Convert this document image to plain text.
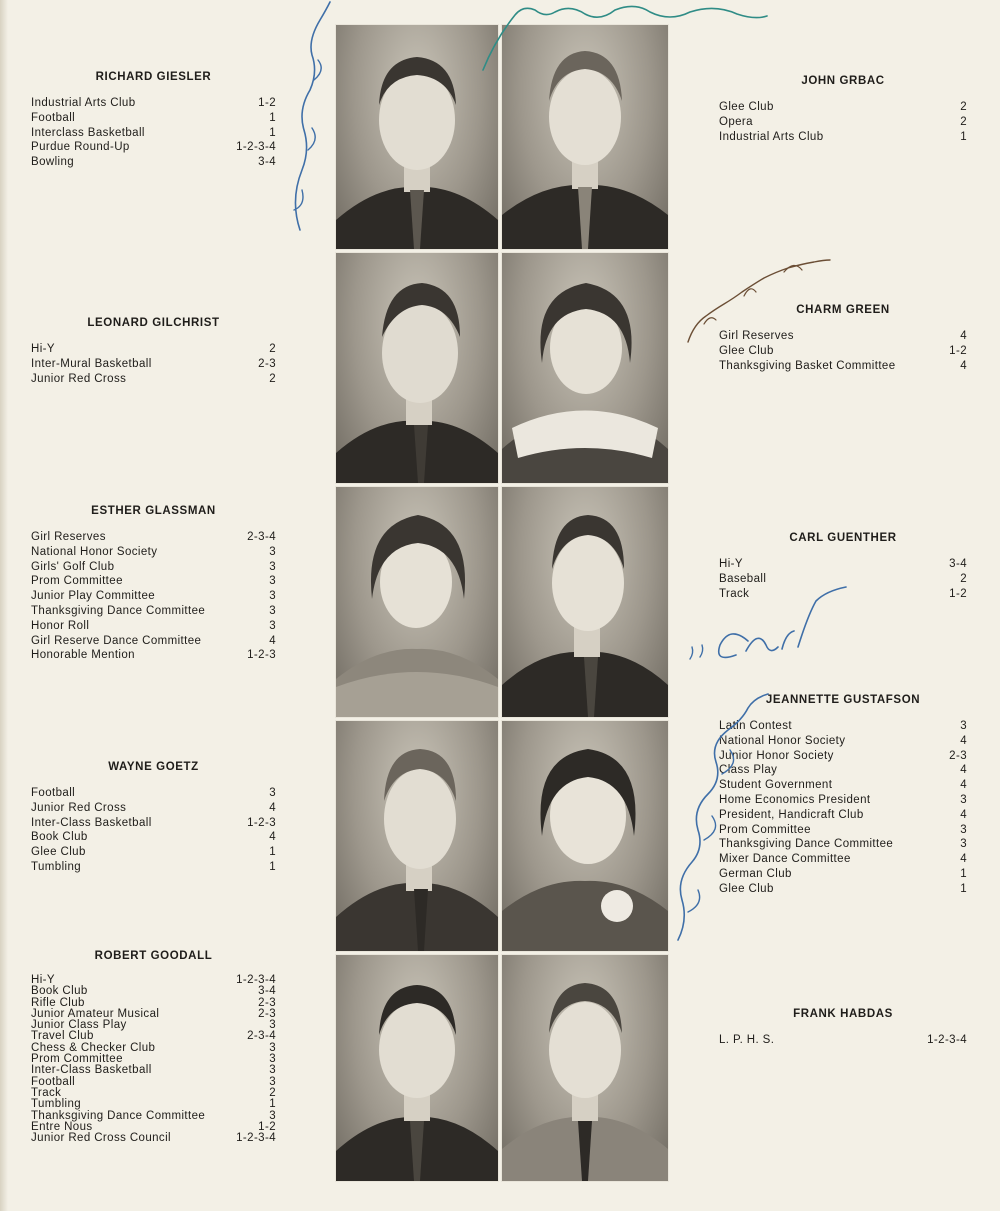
RICHARD GIESLER
Industrial Arts Club	1-2
Football	1
Interclass Basketball	1
Purdue Round-Up	1-2-3-4
Bowling	3-4
LEONARD GILCHRIST
Hi-Y	2
Inter-Mural Basketball	2-3
Junior Red Cross	2
ESTHER GLASSMAN
Girl Reserves	2-3-4
National Honor Society	3
Girls' Golf Club	3
Prom Committee	3
Junior Play Committee	3
Thanksgiving Dance Committee	3
Honor Roll	3
Girl Reserve Dance Committee	4
Honorable Mention	1-2-3
WAYNE GOETZ
Football	3
Junior Red Cross	4
Inter-Class Basketball	1-2-3
Book Club	4
Glee Club	1
Tumbling	1
ROBERT GOODALL
Hi-Y	1-2-3-4
Book Club	3-4
Rifle Club	2-3
Junior Amateur Musical	2-3
Junior Class Play	3
Travel Club	2-3-4
Chess & Checker Club	3
Prom Committee	3
Inter-Class Basketball	3
Football	3
Track	2
Tumbling	1
Thanksgiving Dance Committee	3
Entre Nous	1-2
Junior Red Cross Council	1-2-3-4
JOHN GRBAC
Glee Club	2
Opera	2
Industrial Arts Club	1
CHARM GREEN
Girl Reserves	4
Glee Club	1-2
Thanksgiving Basket Committee	4
CARL GUENTHER
Hi-Y	3-4
Baseball	2
Track	1-2
JEANNETTE GUSTAFSON
Latin Contest	3
National Honor Society	4
Junior Honor Society	2-3
Class Play	4
Student Government	4
Home Economics President	3
President, Handicraft Club	4
Prom Committee	3
Thanksgiving Dance Committee	3
Mixer Dance Committee	4
German Club	1
Glee Club	1
FRANK HABDAS
L. P. H. S.	1-2-3-4
